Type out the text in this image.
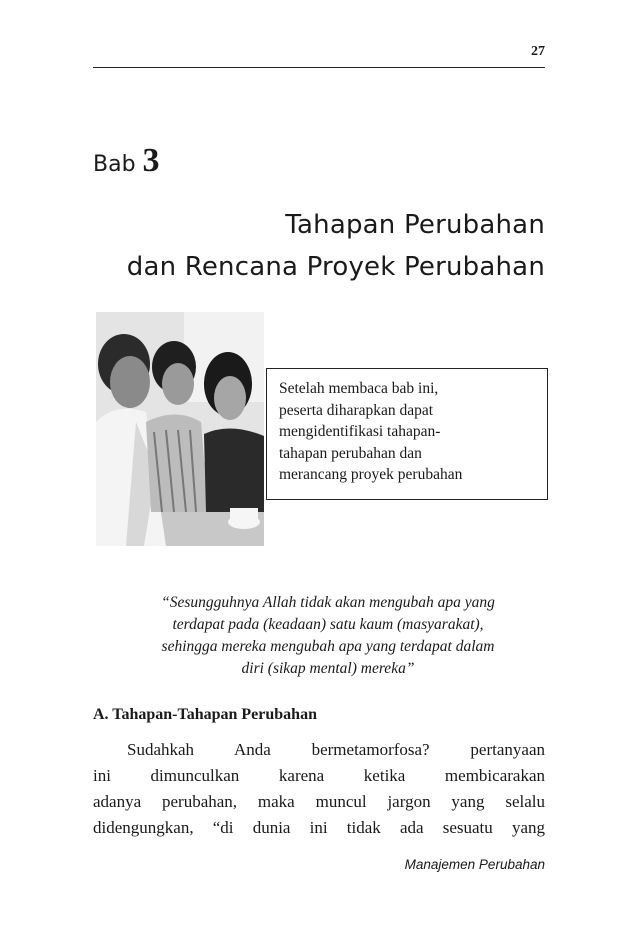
27
Bab 3
Tahapan Perubahan
dan Rencana Proyek Perubahan
Setelah membaca bab ini,
peserta diharapkan dapat
mengidentifikasi tahapan-
tahapan perubahan dan
merancang proyek perubahan
“Sesungguhnya Allah tidak akan mengubah apa yang
terdapat pada (keadaan) satu kaum (masyarakat),
sehingga mereka mengubah apa yang terdapat dalam
diri (sikap mental) mereka”
A. Tahapan-Tahapan Perubahan
Sudahkah Anda bermetamorfosa? pertanyaan
ini dimunculkan karena ketika membicarakan
adanya perubahan, maka muncul jargon yang selalu
didengungkan, “di dunia ini tidak ada sesuatu yang
Manajemen Perubahan
